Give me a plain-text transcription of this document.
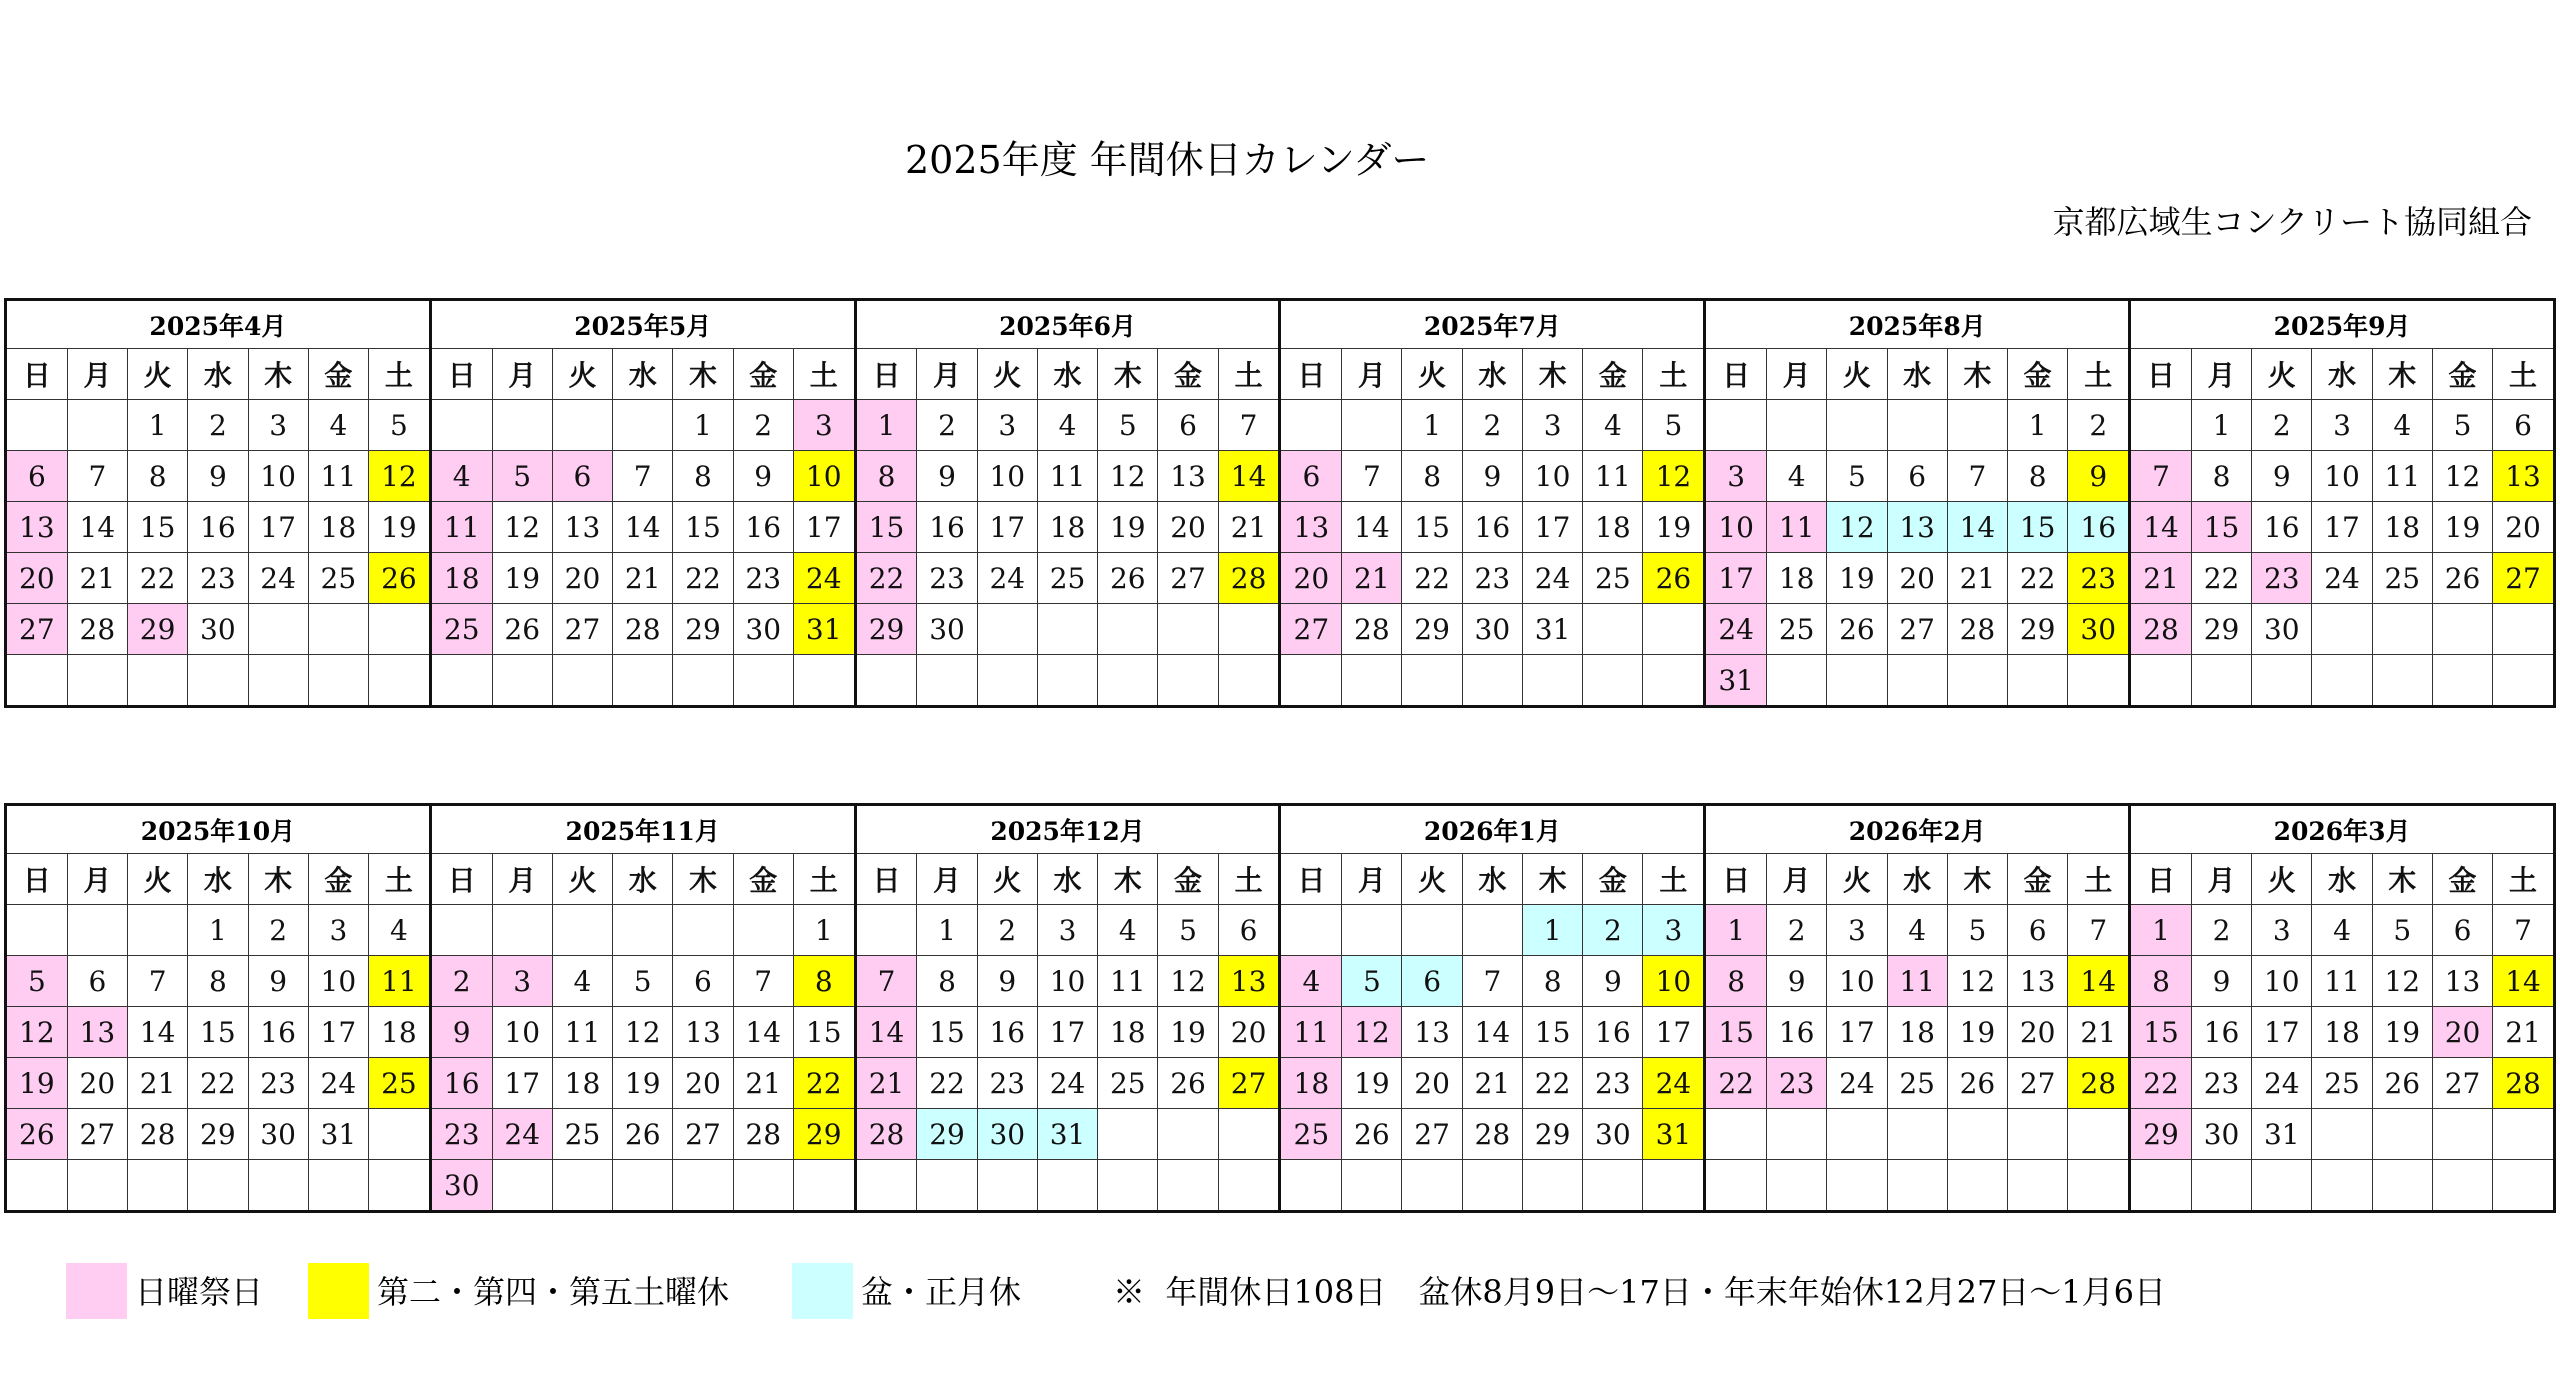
2025年度 年間休日カレンダー
京都広域生コンクリート協同組合
2025年4月						
日	月	火	水	木	金	土
		1	2	3	4	5
6	7	8	9	10	11	12
13	14	15	16	17	18	19
20	21	22	23	24	25	26
27	28	29	30			

2025年5月						
日	月	火	水	木	金	土
				1	2	3
4	5	6	7	8	9	10
11	12	13	14	15	16	17
18	19	20	21	22	23	24
25	26	27	28	29	30	31

2025年6月						
日	月	火	水	木	金	土
1	2	3	4	5	6	7
8	9	10	11	12	13	14
15	16	17	18	19	20	21
22	23	24	25	26	27	28
29	30					

2025年7月						
日	月	火	水	木	金	土
		1	2	3	4	5
6	7	8	9	10	11	12
13	14	15	16	17	18	19
20	21	22	23	24	25	26
27	28	29	30	31		

2025年8月						
日	月	火	水	木	金	土
					1	2
3	4	5	6	7	8	9
10	11	12	13	14	15	16
17	18	19	20	21	22	23
24	25	26	27	28	29	30
31						
2025年9月						
日	月	火	水	木	金	土
	1	2	3	4	5	6
7	8	9	10	11	12	13
14	15	16	17	18	19	20
21	22	23	24	25	26	27
28	29	30				

2025年10月						
日	月	火	水	木	金	土
			1	2	3	4
5	6	7	8	9	10	11
12	13	14	15	16	17	18
19	20	21	22	23	24	25
26	27	28	29	30	31	

2025年11月						
日	月	火	水	木	金	土
						1
2	3	4	5	6	7	8
9	10	11	12	13	14	15
16	17	18	19	20	21	22
23	24	25	26	27	28	29
30						
2025年12月						
日	月	火	水	木	金	土
	1	2	3	4	5	6
7	8	9	10	11	12	13
14	15	16	17	18	19	20
21	22	23	24	25	26	27
28	29	30	31			

2026年1月						
日	月	火	水	木	金	土
				1	2	3
4	5	6	7	8	9	10
11	12	13	14	15	16	17
18	19	20	21	22	23	24
25	26	27	28	29	30	31

2026年2月						
日	月	火	水	木	金	土
1	2	3	4	5	6	7
8	9	10	11	12	13	14
15	16	17	18	19	20	21
22	23	24	25	26	27	28

2026年3月						
日	月	火	水	木	金	土
1	2	3	4	5	6	7
8	9	10	11	12	13	14
15	16	17	18	19	20	21
22	23	24	25	26	27	28
29	30	31				

日曜祭日	第二・第四・第五土曜休	盆・正月休	※  年間休日108日　盆休8月9日～17日・年末年始休12月27日～1月6日
